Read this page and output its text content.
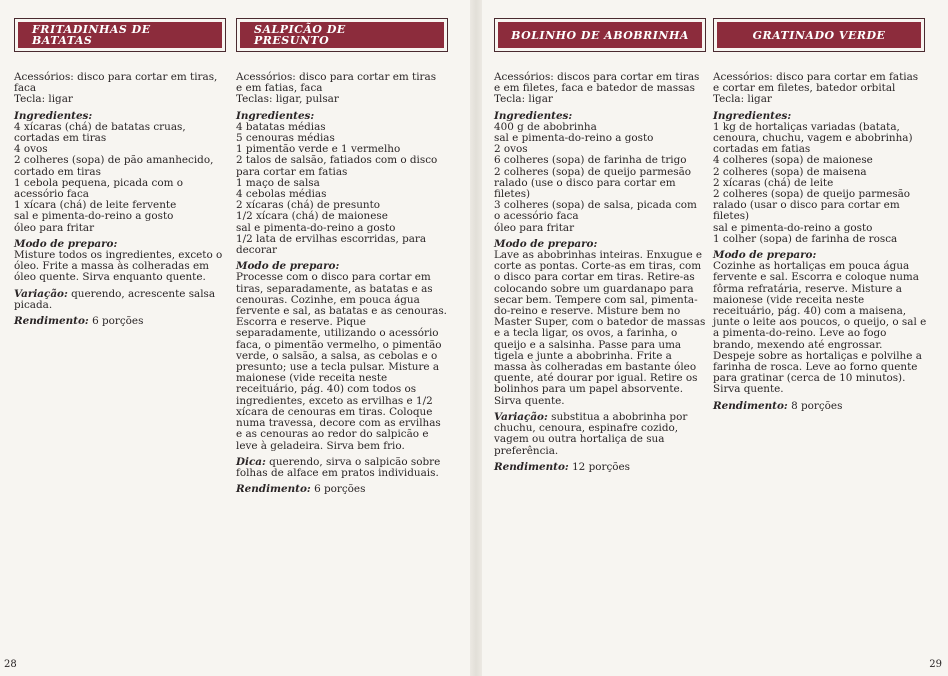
FRITADINHAS DE
BATATAS
Acessórios: disco para cortar em tiras,
faca
Tecla: ligar
Ingredientes:
4 xícaras (chá) de batatas cruas,
cortadas em tiras
4 ovos
2 colheres (sopa) de pão amanhecido,
cortado em tiras
1 cebola pequena, picada com o
acessório faca
1 xícara (chá) de leite fervente
sal e pimenta-do-reino a gosto
óleo para fritar
Modo de preparo:
Misture todos os ingredientes, exceto o
óleo. Frite a massa às colheradas em
óleo quente. Sirva enquanto quente.
Variação: querendo, acrescente salsa
picada.
Rendimento: 6 porções
SALPICÃO DE
PRESUNTO
Acessórios: disco para cortar em tiras
e em fatias, faca
Teclas: ligar, pulsar
Ingredientes:
4 batatas médias
5 cenouras médias
1 pimentão verde e 1 vermelho
2 talos de salsão, fatiados com o disco
para cortar em fatias
1 maço de salsa
4 cebolas médias
2 xícaras (chá) de presunto
1/2 xícara (chá) de maionese
sal e pimenta-do-reino a gosto
1/2 lata de ervilhas escorridas, para
decorar
Modo de preparo:
Processe com o disco para cortar em
tiras, separadamente, as batatas e as
cenouras. Cozinhe, em pouca água
fervente e sal, as batatas e as cenouras.
Escorra e reserve. Pique
separadamente, utilizando o acessório
faca, o pimentão vermelho, o pimentão
verde, o salsão, a salsa, as cebolas e o
presunto; use a tecla pulsar. Misture a
maionese (vide receita neste
receituário, pág. 40) com todos os
ingredientes, exceto as ervilhas e 1/2
xícara de cenouras em tiras. Coloque
numa travessa, decore com as ervilhas
e as cenouras ao redor do salpicão e
leve à geladeira. Sirva bem frio.
Dica: querendo, sirva o salpicão sobre
folhas de alface em pratos individuais.
Rendimento: 6 porções
BOLINHO DE ABOBRINHA
Acessórios: discos para cortar em tiras
e em filetes, faca e batedor de massas
Tecla: ligar
Ingredientes:
400 g de abobrinha
sal e pimenta-do-reino a gosto
2 ovos
6 colheres (sopa) de farinha de trigo
2 colheres (sopa) de queijo parmesão
ralado (use o disco para cortar em
filetes)
3 colheres (sopa) de salsa, picada com
o acessório faca
óleo para fritar
Modo de preparo:
Lave as abobrinhas inteiras. Enxugue e
corte as pontas. Corte-as em tiras, com
o disco para cortar em tiras. Retire-as
colocando sobre um guardanapo para
secar bem. Tempere com sal, pimenta-
do-reino e reserve. Misture bem no
Master Super, com o batedor de massas
e a tecla ligar, os ovos, a farinha, o
queijo e a salsinha. Passe para uma
tigela e junte a abobrinha. Frite a
massa às colheradas em bastante óleo
quente, até dourar por igual. Retire os
bolinhos para um papel absorvente.
Sirva quente.
Variação: substitua a abobrinha por
chuchu, cenoura, espinafre cozido,
vagem ou outra hortaliça de sua
preferência.
Rendimento: 12 porções
GRATINADO VERDE
Acessórios: disco para cortar em fatias
e cortar em filetes, batedor orbital
Tecla: ligar
Ingredientes:
1 kg de hortaliças variadas (batata,
cenoura, chuchu, vagem e abobrinha)
cortadas em fatias
4 colheres (sopa) de maionese
2 colheres (sopa) de maisena
2 xícaras (chá) de leite
2 colheres (sopa) de queijo parmesão
ralado (usar o disco para cortar em
filetes)
sal e pimenta-do-reino a gosto
1 colher (sopa) de farinha de rosca
Modo de preparo:
Cozinhe as hortaliças em pouca água
fervente e sal. Escorra e coloque numa
fôrma refratária, reserve. Misture a
maionese (vide receita neste
receituário, pág. 40) com a maisena,
junte o leite aos poucos, o queijo, o sal e
a pimenta-do-reino. Leve ao fogo
brando, mexendo até engrossar.
Despeje sobre as hortaliças e polvilhe a
farinha de rosca. Leve ao forno quente
para gratinar (cerca de 10 minutos).
Sirva quente.
Rendimento: 8 porções
28	29
